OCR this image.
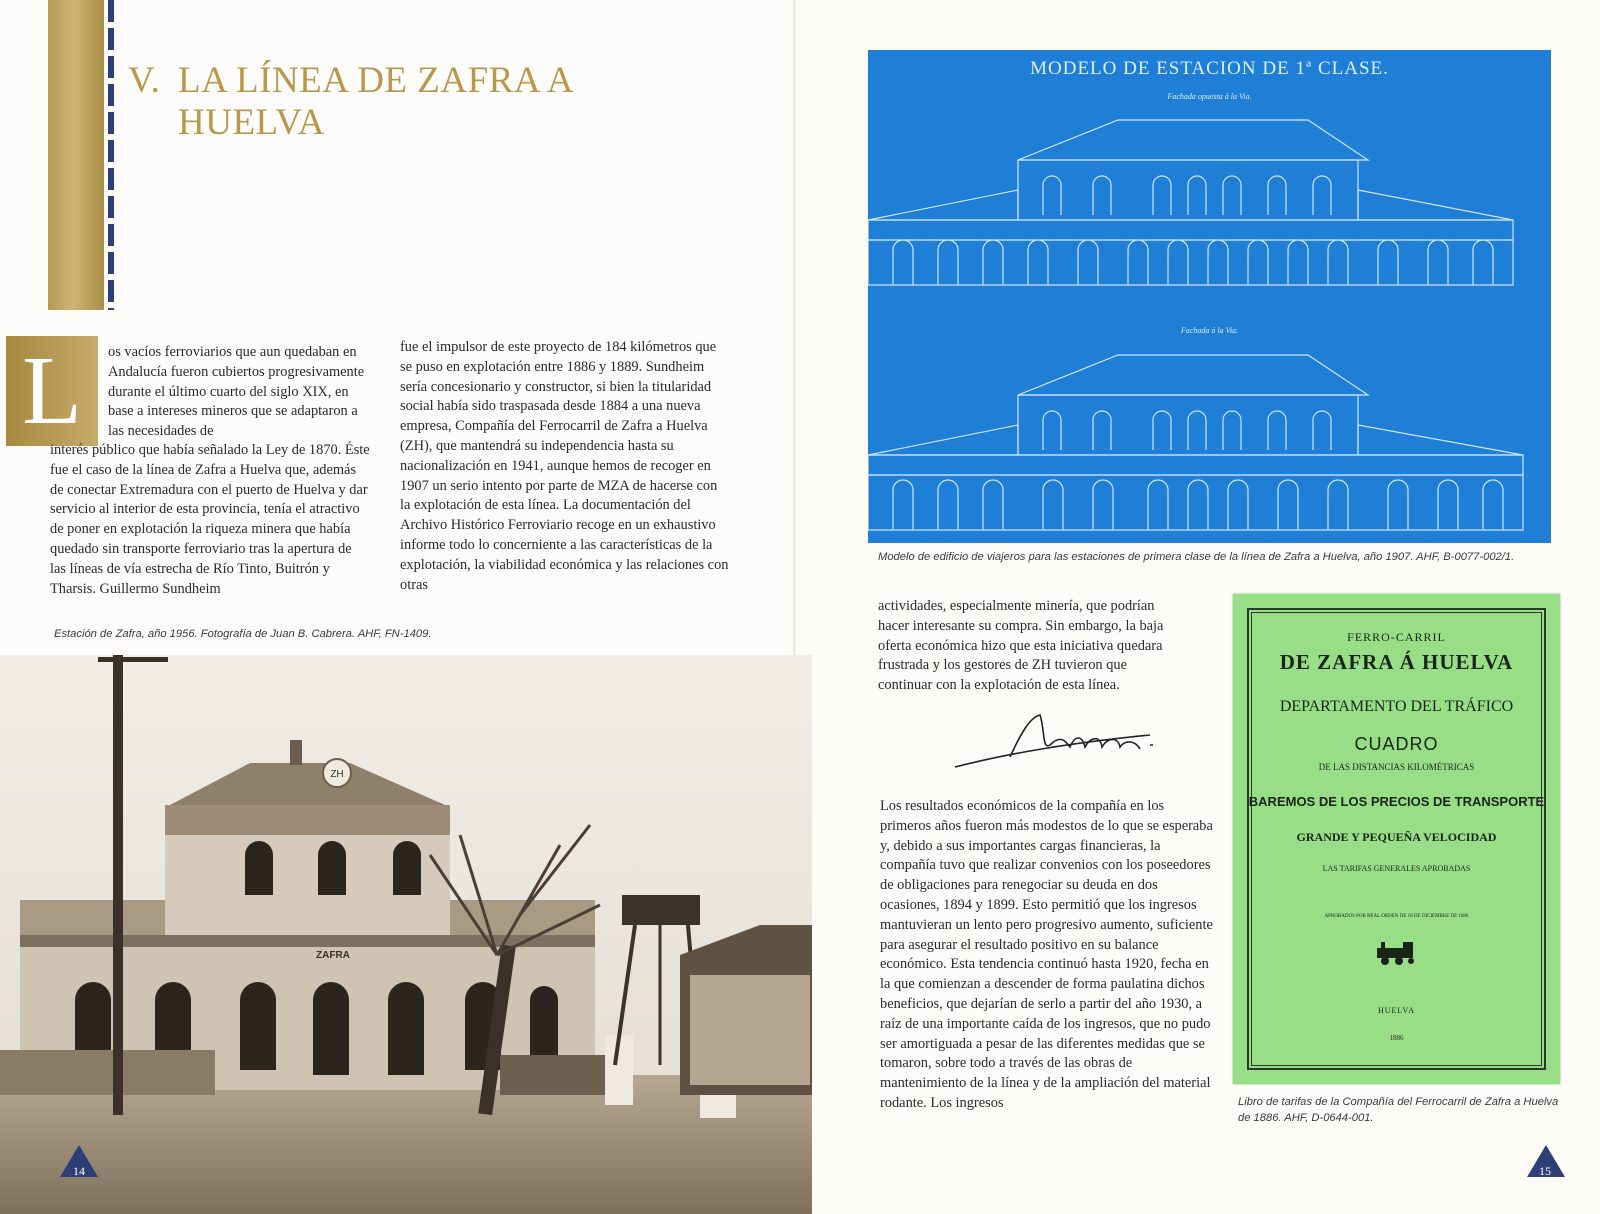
V. LA LÍNEA DE ZAFRA A
HUELVA
L	os vacíos ferroviarios que aun quedaban en Andalucía fueron cubiertos progresivamente durante el último cuarto del siglo XIX, en base a intereses mineros que se adaptaron a las necesidades de
interés público que había señalado la Ley de 1870. Éste fue el caso de la línea de Zafra a Huelva que, además de conectar Extremadura con el puerto de Huelva y dar servicio al interior de esta provincia, tenía el atractivo de poner en explotación la riqueza minera que había quedado sin transporte ferroviario tras la apertura de las líneas de vía estrecha de Río Tinto, Buitrón y Tharsis. Guillermo Sundheim
fue el impulsor de este proyecto de 184 kilómetros que se puso en explotación entre 1886 y 1889. Sundheim sería concesionario y constructor, si bien la titularidad social había sido traspasada desde 1884 a una nueva empresa, Compañía del Ferrocarril de Zafra a Huelva (ZH), que mantendrá su independencia hasta su nacionalización en 1941, aunque hemos de recoger en 1907 un serio intento por parte de MZA de hacerse con la explotación de esta línea. La documentación del Archivo Histórico Ferroviario recoge en un exhaustivo informe todo lo concerniente a las características de la explotación, la viabilidad económica y las relaciones con otras
Estación de Zafra, año 1956. Fotografía de Juan B. Cabrera. AHF, FN-1409.
ZH
ZAFRA
14
MODELO DE ESTACION DE 1ª CLASE.
Fachada opuesta á la Via.
Fachada á la Via.
Modelo de edificio de viajeros para las estaciones de primera clase de la línea de Zafra a Huelva, año 1907. AHF, B-0077-002/1.
actividades, especialmente minería, que podrían hacer interesante su compra. Sin embargo, la baja oferta económica hizo que esta iniciativa quedara frustrada y los gestores de ZH tuvieron que continuar con la explotación de esta línea.
Los resultados económicos de la compañía en los primeros años fueron más modestos de lo que se esperaba y, debido a sus importantes cargas financieras, la compañía tuvo que realizar convenios con los poseedores de obligaciones para renegociar su deuda en dos ocasiones, 1894 y 1899. Esto permitió que los ingresos mantuvieran un lento pero progresivo aumento, suficiente para asegurar el resultado positivo en su balance económico. Esta tendencia continuó hasta 1920, fecha en la que comienzan a descender de forma paulatina dichos beneficios, que dejarían de serlo a partir del año 1930, a raíz de una importante caída de los ingresos, que no pudo ser amortiguada a pesar de las diferentes medidas que se tomaron, sobre todo a través de las obras de mantenimiento de la línea y de la ampliación del material rodante. Los ingresos
FERRO-CARRIL
DE ZAFRA Á HUELVA
DEPARTAMENTO DEL TRÁFICO
CUADRO
DE LAS DISTANCIAS KILOMÉTRICAS
BAREMOS DE LOS PRECIOS DE TRANSPORTE
GRANDE Y PEQUEÑA VELOCIDAD
LAS TARIFAS GENERALES APROBADAS
APROBADOS POR REAL ORDEN DE 18 DE DICIEMBRE DE 1886
HUELVA
1886
Libro de tarifas de la Compañía del Ferrocarril de Zafra a Huelva de 1886. AHF, D-0644-001.
15
